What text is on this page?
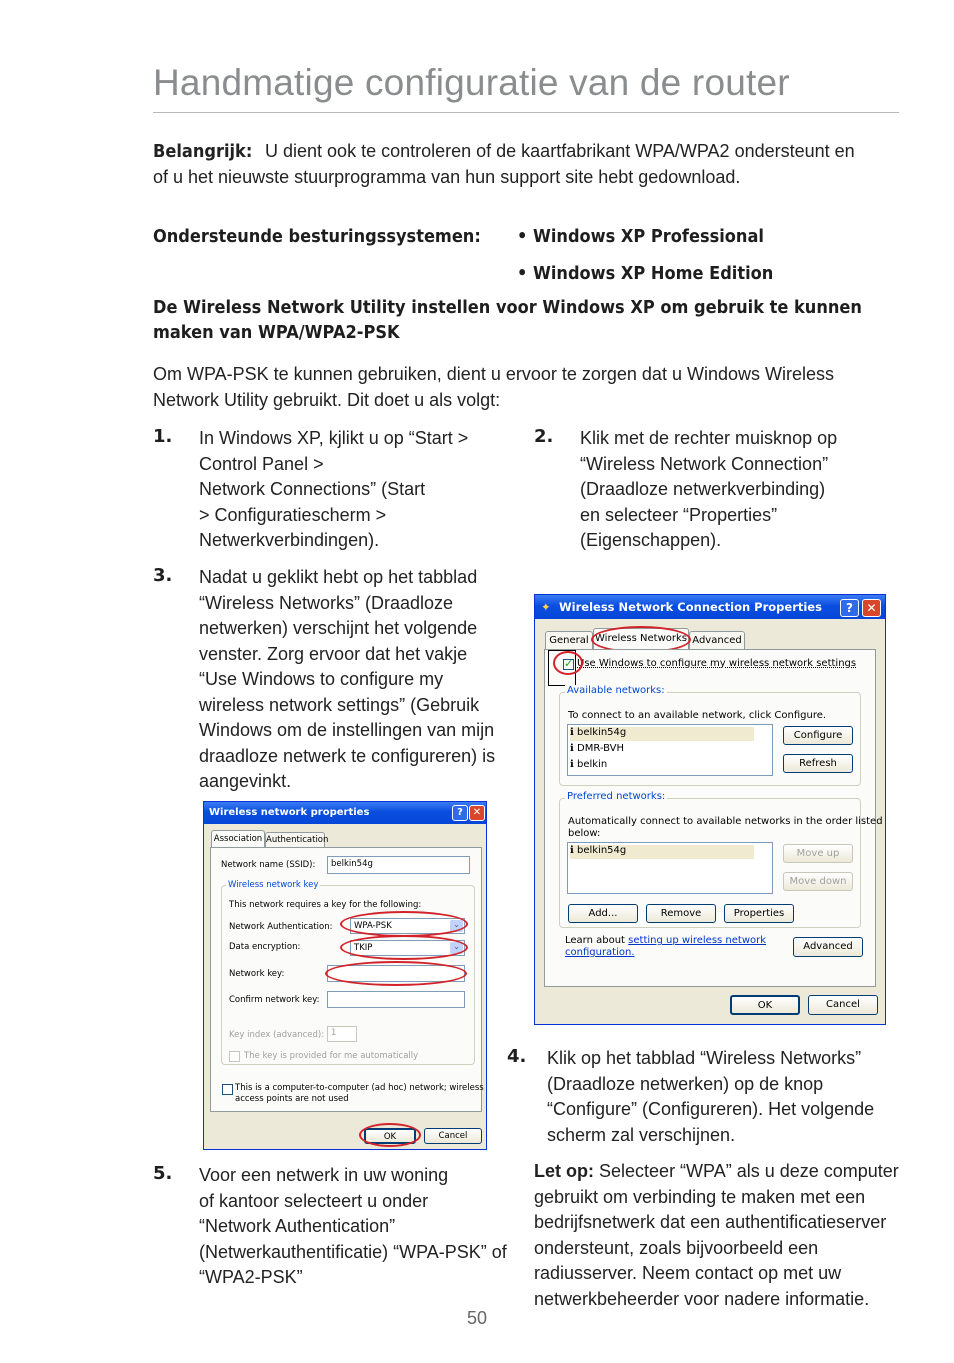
Handmatige configuratie van de router
Belangrijk: U dient ook te controleren of de kaartfabrikant WPA/WPA2 ondersteunt en
of u het nieuwste stuurprogramma van hun support site hebt gedownload.
Ondersteunde besturingssystemen: • Windows XP Professional
• Windows XP Home Edition
De Wireless Network Utility instellen voor Windows XP om gebruik te kunnen
maken van WPA/WPA2-PSK
Om WPA-PSK te kunnen gebruiken, dient u ervoor te zorgen dat u Windows Wireless
Network Utility gebruikt. Dit doet u als volgt:
1. In Windows XP, kjlikt u op “Start >
Control Panel >
Network Connections” (Start
> Configuratiescherm >
Netwerkverbindingen).
2. Klik met de rechter muisknop op
“Wireless Network Connection”
(Draadloze netwerkverbinding)
en selecteer “Properties”
(Eigenschappen).
3. Nadat u geklikt hebt op het tabblad
“Wireless Networks” (Draadloze
netwerken) verschijnt het volgende
venster. Zorg ervoor dat het vakje
“Use Windows to configure my
wireless network settings” (Gebruik
Windows om de instellingen van mijn
draadloze netwerk te configureren) is
aangevinkt.
✦ Wireless Network Connection Properties	?	✕
General Wireless Networks Advanced
✓ Use Windows to configure my wireless network settings
Available networks:
To connect to an available network, click Configure.
ℹ belkin54g
ℹ DMR-BVH
ℹ belkin
Configure
Refresh
Preferred networks:
Automatically connect to available networks in the order listed
below:
ℹ belkin54g	Move up
Move down
Add...	Remove	Properties
Learn about setting up wireless network
configuration.
Advanced
OK	Cancel
Wireless network properties	? ✕
Association Authentication
Network name (SSID): belkin54g
Wireless network key
This network requires a key for the following:
Network Authentication:	WPA-PSK	⌄
Data encryption:	TKIP	⌄
Network key:
Confirm network key:
Key index (advanced): 1
The key is provided for me automatically
This is a computer-to-computer (ad hoc) network; wireless
access points are not used
OK	Cancel
4. Klik op het tabblad “Wireless Networks”
(Draadloze netwerken) op de knop
“Configure” (Configureren). Het volgende
scherm zal verschijnen.
Let op: Selecteer “WPA” als u deze computer
gebruikt om verbinding te maken met een
bedrijfsnetwerk dat een authentificatieserver
ondersteunt, zoals bijvoorbeeld een
radiusserver. Neem contact op met uw
netwerkbeheerder voor nadere informatie.
5. Voor een netwerk in uw woning
of kantoor selecteert u onder
“Network Authentication”
(Netwerkauthentificatie) “WPA-PSK” of
“WPA2-PSK”
50
